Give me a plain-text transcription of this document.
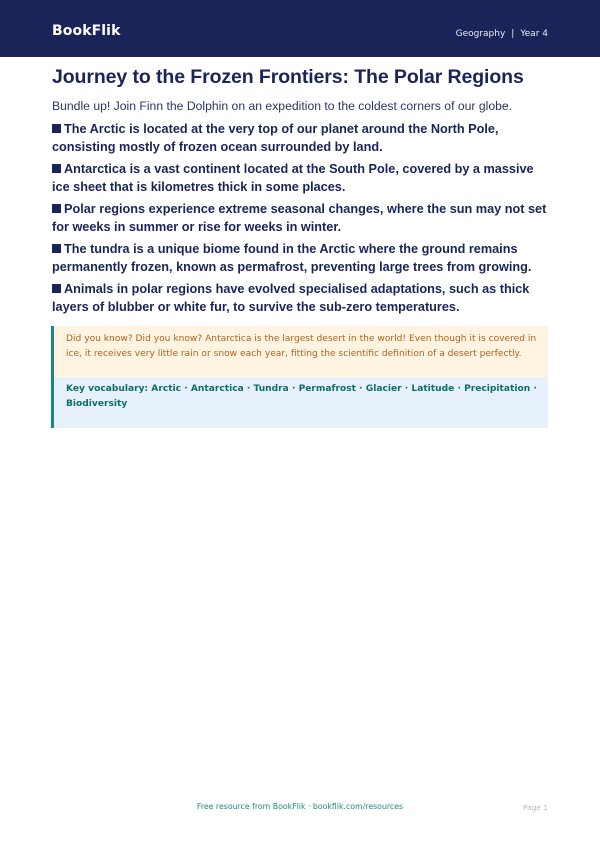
BookFlik	Geography | Year 4
Journey to the Frozen Frontiers: The Polar Regions

Bundle up! Join Finn the Dolphin on an expedition to the coldest corners of our globe.

The Arctic is located at the very top of our planet around the North Pole, consisting mostly of frozen ocean surrounded by land.
Antarctica is a vast continent located at the South Pole, covered by a massive ice sheet that is kilometres thick in some places.
Polar regions experience extreme seasonal changes, where the sun may not set for weeks in summer or rise for weeks in winter.
The tundra is a unique biome found in the Arctic where the ground remains permanently frozen, known as permafrost, preventing large trees from growing.
Animals in polar regions have evolved specialised adaptations, such as thick layers of blubber or white fur, to survive the sub-zero temperatures.
Did you know? Did you know? Antarctica is the largest desert in the world! Even though it is covered in ice, it receives very little rain or snow each year, fitting the scientific definition of a desert perfectly.
Key vocabulary: Arctic · Antarctica · Tundra · Permafrost · Glacier · Latitude · Precipitation · Biodiversity
Free resource from BookFlik · bookflik.com/resources	Page 1
